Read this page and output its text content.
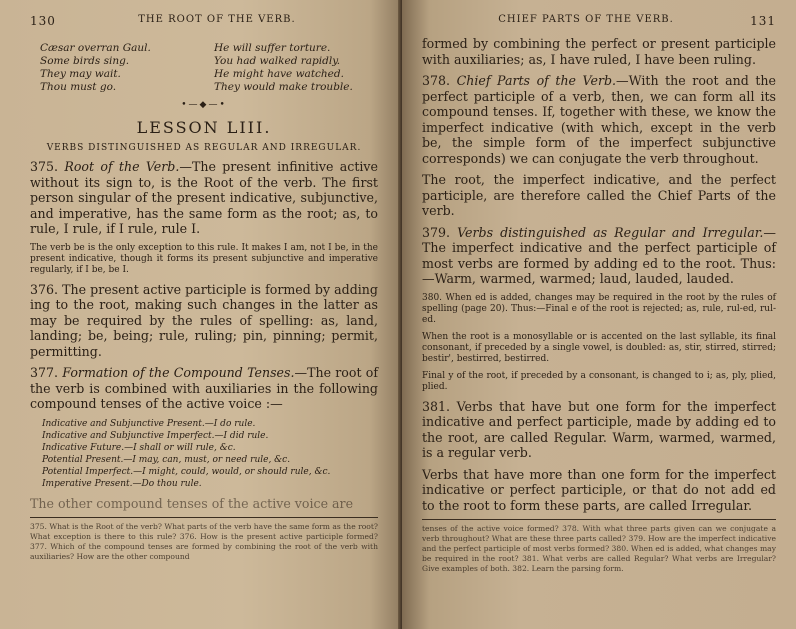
130	THE ROOT OF THE VERB.
Cæsar overran Gaul.
Some birds sing.
They may wait.
Thou must go.
He will suffer torture.
You had walked rapidly.
He might have watched.
They would make trouble.
•—◆—•
LESSON LIII.
VERBS DISTINGUISHED AS REGULAR AND IRREGULAR.

375. Root of the Verb.—The present infinitive active without its sign to, is the Root of the verb. The first person singular of the present indicative, subjunctive, and imperative, has the same form as the root; as, to rule, I rule, if I rule, rule I.

The verb be is the only exception to this rule. It makes I am, not I be, in the present indicative, though it forms its present subjunctive and imperative regularly, if I be, be I.

376. The present active participle is formed by adding ing to the root, making such changes in the latter as may be required by the rules of spelling: as, land, landing; be, being; rule, ruling; pin, pinning; permit, permitting.

377. Formation of the Compound Tenses.—The root of the verb is combined with auxiliaries in the following compound tenses of the active voice :—

Indicative and Subjunctive Present.—I do rule.
Indicative and Subjunctive Imperfect.—I did rule.
Indicative Future.—I shall or will rule, &c.
Potential Present.—I may, can, must, or need rule, &c.
Potential Imperfect.—I might, could, would, or should rule, &c.
Imperative Present.—Do thou rule.

The other compound tenses of the active voice are

375. What is the Root of the verb? What parts of the verb have the same form as the root? What exception is there to this rule? 376. How is the present active participle formed? 377. Which of the compound tenses are formed by combining the root of the verb with auxiliaries? How are the other compound
CHIEF PARTS OF THE VERB.	131

formed by combining the perfect or present participle with auxiliaries; as, I have ruled, I have been ruling.

378. Chief Parts of the Verb.—With the root and the perfect participle of a verb, then, we can form all its compound tenses. If, together with these, we know the imperfect indicative (with which, except in the verb be, the simple form of the imperfect subjunctive corresponds) we can conjugate the verb throughout.

The root, the imperfect indicative, and the perfect participle, are therefore called the Chief Parts of the verb.

379. Verbs distinguished as Regular and Irregular.—The imperfect indicative and the perfect participle of most verbs are formed by adding ed to the root. Thus: —Warm, warmed, warmed; laud, lauded, lauded.

380. When ed is added, changes may be required in the root by the rules of spelling (page 20). Thus:—Final e of the root is rejected; as, rule, rul-ed, rul-ed.

When the root is a monosyllable or is accented on the last syllable, its final consonant, if preceded by a single vowel, is doubled: as, stir, stirred, stirred; bestir', bestirred, bestirred.

Final y of the root, if preceded by a consonant, is changed to i; as, ply, plied, plied.

381. Verbs that have but one form for the imperfect indicative and perfect participle, made by adding ed to the root, are called Regular. Warm, warmed, warmed, is a regular verb.

Verbs that have more than one form for the imperfect indicative or perfect participle, or that do not add ed to the root to form these parts, are called Irregular.

tenses of the active voice formed? 378. With what three parts given can we conjugate a verb throughout? What are these three parts called? 379. How are the imperfect indicative and the perfect participle of most verbs formed? 380. When ed is added, what changes may be required in the root? 381. What verbs are called Regular? What verbs are Irregular? Give examples of both. 382. Learn the parsing form.
